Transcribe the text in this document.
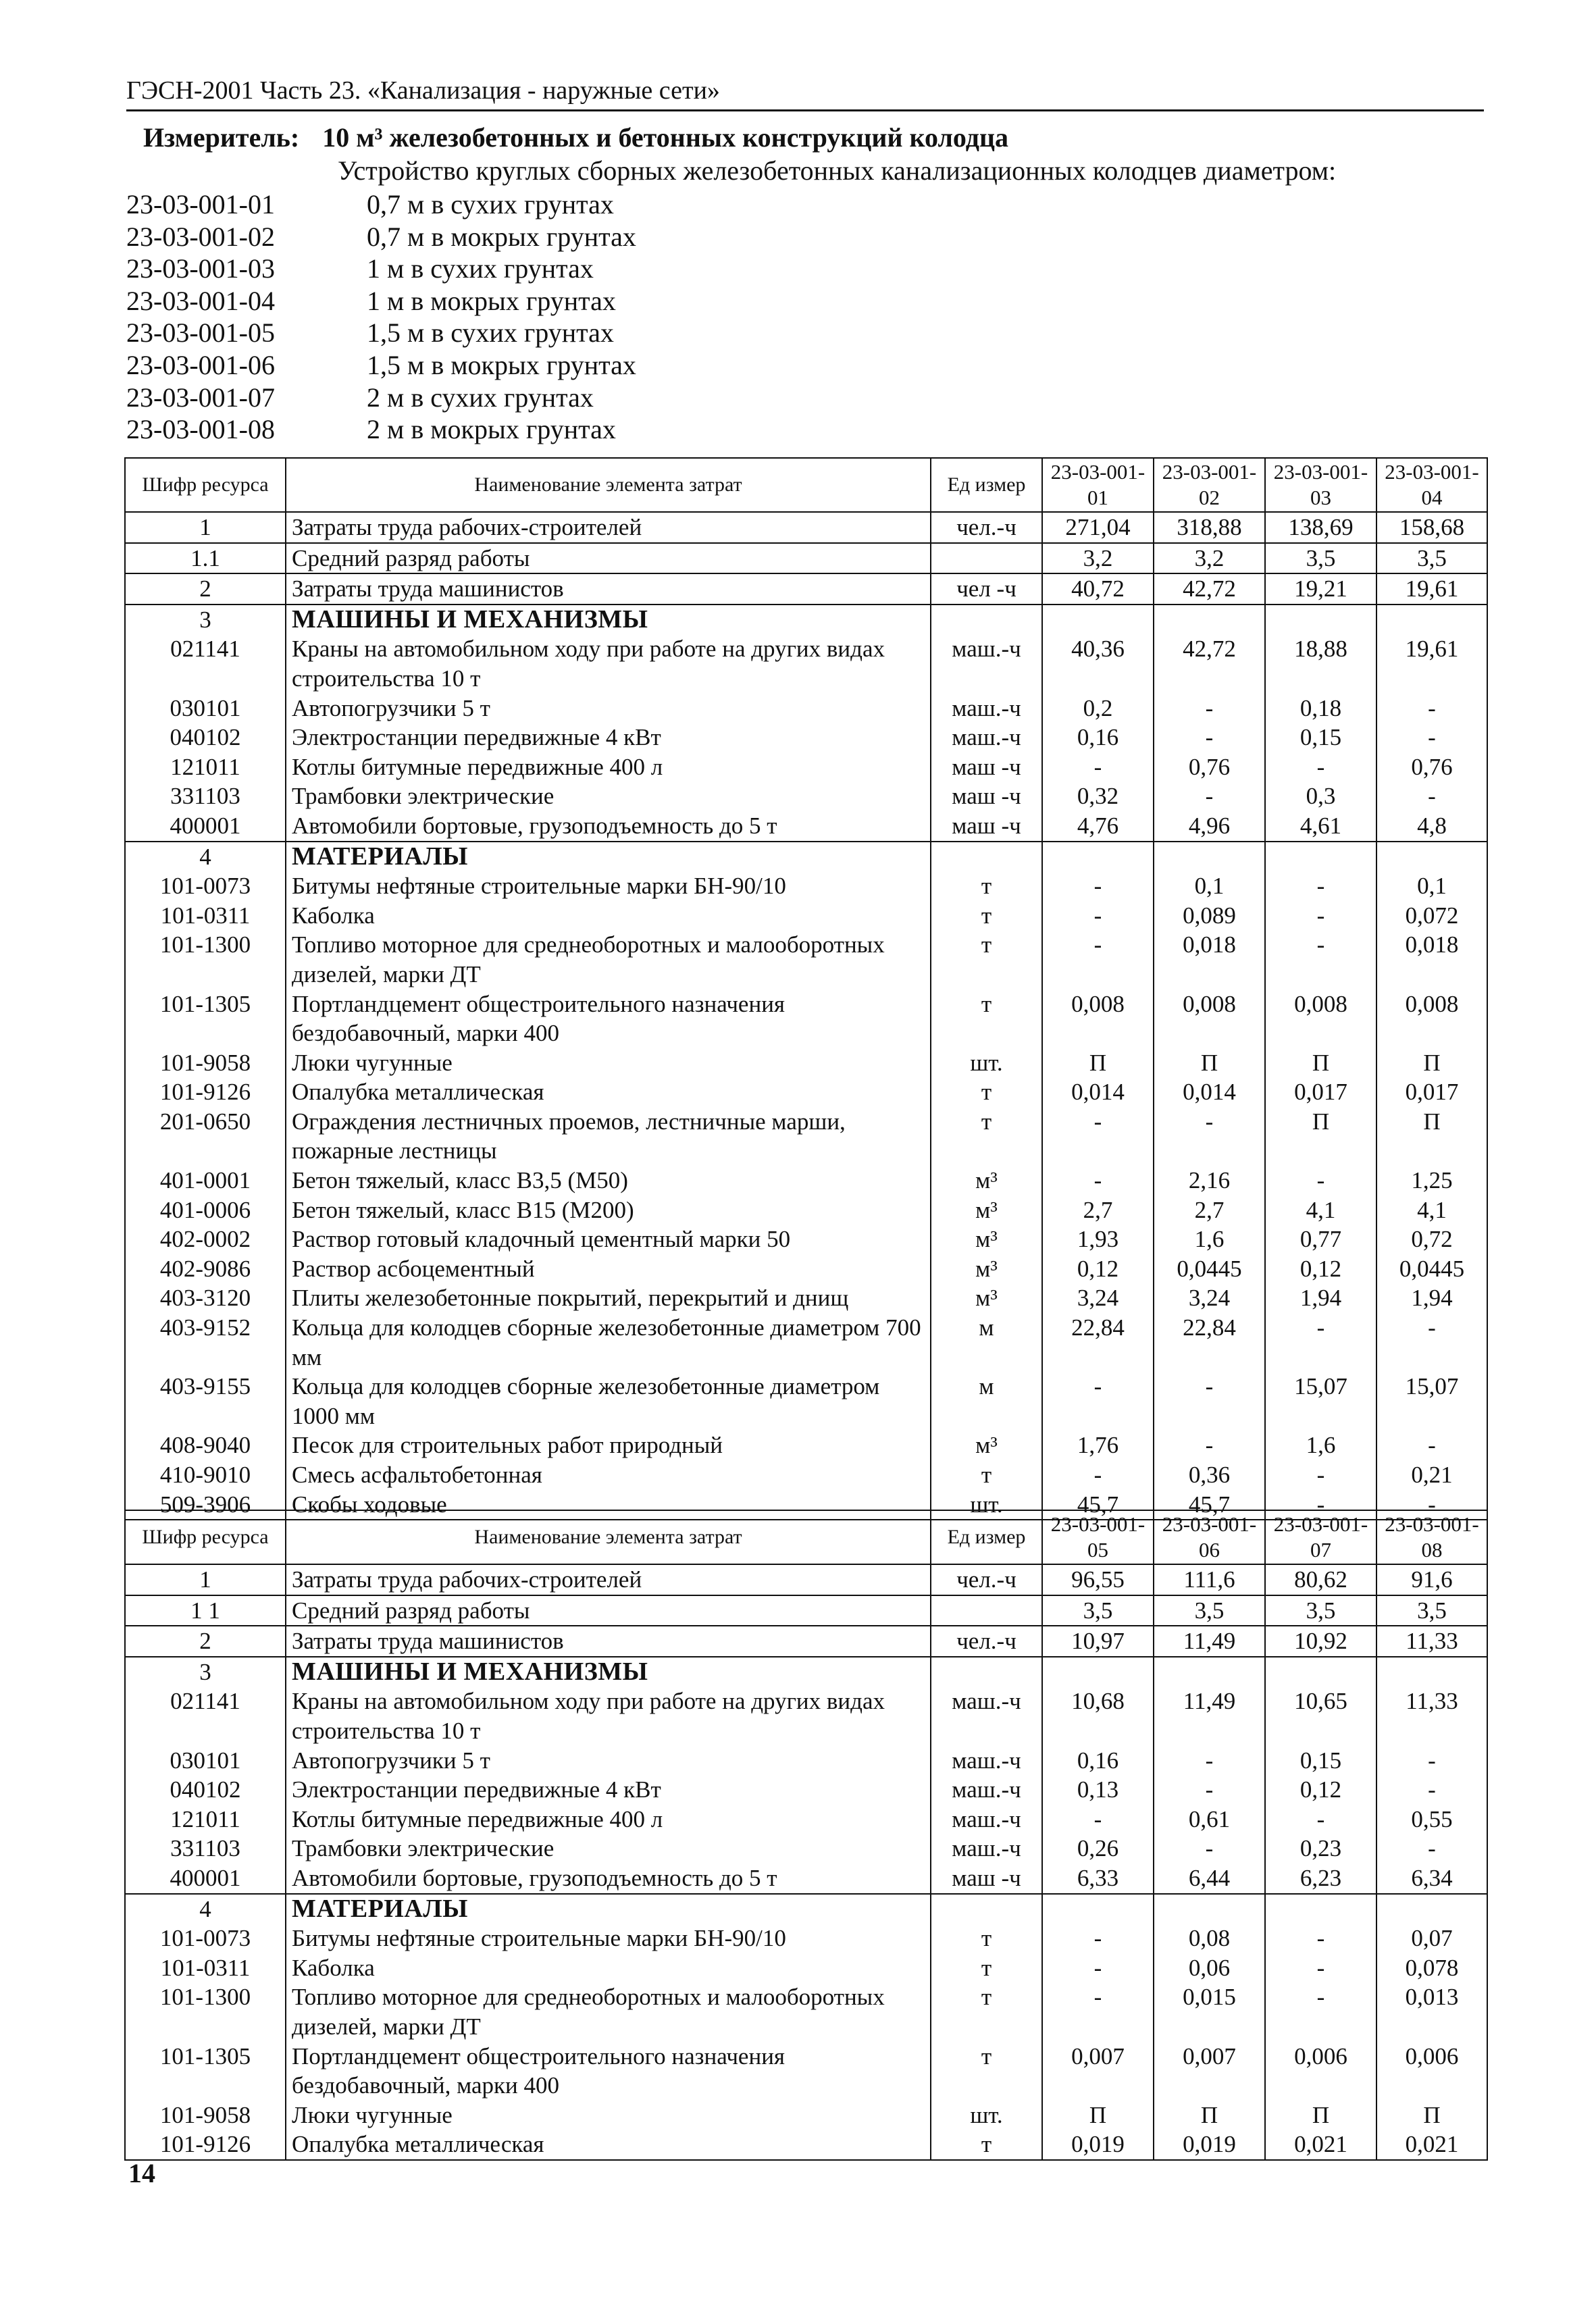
ГЭСН-2001 Часть 23. «Канализация - наружные сети»
Измеритель: 10 м³ железобетонных и бетонных конструкций колодца
Устройство круглых сборных железобетонных канализационных колодцев диаметром:
23-03-001-01	0,7 м в сухих грунтах
23-03-001-02	0,7 м в мокрых грунтах
23-03-001-03	1 м в сухих грунтах
23-03-001-04	1 м в мокрых грунтах
23-03-001-05	1,5 м в сухих грунтах
23-03-001-06	1,5 м в мокрых грунтах
23-03-001-07	2 м в сухих грунтах
23-03-001-08	2 м в мокрых грунтах
Шифр ресурса	Наименование элемента затрат	Ед измер	23-03-001-01	23-03-001-02	23-03-001-03	23-03-001-04
1	Затраты труда рабочих-строителей	чел.-ч	271,04	318,88	138,69	158,68
1.1	Средний разряд работы		3,2	3,2	3,5	3,5
2	Затраты труда машинистов	чел -ч	40,72	42,72	19,21	19,61
3	МАШИНЫ И МЕХАНИЗМЫ					
021141	Краны на автомобильном ходу при работе на других видах строительства 10 т	маш.-ч	40,36	42,72	18,88	19,61
030101	Автопогрузчики 5 т	маш.-ч	0,2	-	0,18	-
040102	Электростанции передвижные 4 кВт	маш.-ч	0,16	-	0,15	-
121011	Котлы битумные передвижные 400 л	маш -ч	-	0,76	-	0,76
331103	Трамбовки электрические	маш -ч	0,32	-	0,3	-
400001	Автомобили бортовые, грузоподъемность до 5 т	маш -ч	4,76	4,96	4,61	4,8
4	МАТЕРИАЛЫ					
101-0073	Битумы нефтяные строительные марки БН-90/10	т	-	0,1	-	0,1
101-0311	Каболка	т	-	0,089	-	0,072
101-1300	Топливо моторное для среднеоборотных и малооборотных дизелей, марки ДТ	т	-	0,018	-	0,018
101-1305	Портландцемент общестроительного назначения бездобавочный, марки 400	т	0,008	0,008	0,008	0,008
101-9058	Люки чугунные	шт.	П	П	П	П
101-9126	Опалубка металлическая	т	0,014	0,014	0,017	0,017
201-0650	Ограждения лестничных проемов, лестничные марши, пожарные лестницы	т	-	-	П	П
401-0001	Бетон тяжелый, класс В3,5 (М50)	м³	-	2,16	-	1,25
401-0006	Бетон тяжелый, класс В15 (М200)	м³	2,7	2,7	4,1	4,1
402-0002	Раствор готовый кладочный цементный марки 50	м³	1,93	1,6	0,77	0,72
402-9086	Раствор асбоцементный	м³	0,12	0,0445	0,12	0,0445
403-3120	Плиты железобетонные покрытий, перекрытий и днищ	м³	3,24	3,24	1,94	1,94
403-9152	Кольца для колодцев сборные железобетонные диаметром 700 мм	м	22,84	22,84	-	-
403-9155	Кольца для колодцев сборные железобетонные диаметром 1000 мм	м	-	-	15,07	15,07
408-9040	Песок для строительных работ природный	м³	1,76	-	1,6	-
410-9010	Смесь асфальтобетонная	т	-	0,36	-	0,21
509-3906	Скобы ходовые	шт.	45,7	45,7	-	-
Шифр ресурса	Наименование элемента затрат	Ед измер	23-03-001-05	23-03-001-06	23-03-001-07	23-03-001-08
1	Затраты труда рабочих-строителей	чел.-ч	96,55	111,6	80,62	91,6
1 1	Средний разряд работы		3,5	3,5	3,5	3,5
2	Затраты труда машинистов	чел.-ч	10,97	11,49	10,92	11,33
3	МАШИНЫ И МЕХАНИЗМЫ					
021141	Краны на автомобильном ходу при работе на других видах строительства 10 т	маш.-ч	10,68	11,49	10,65	11,33
030101	Автопогрузчики 5 т	маш.-ч	0,16	-	0,15	-
040102	Электростанции передвижные 4 кВт	маш.-ч	0,13	-	0,12	-
121011	Котлы битумные передвижные 400 л	маш.-ч	-	0,61	-	0,55
331103	Трамбовки электрические	маш.-ч	0,26	-	0,23	-
400001	Автомобили бортовые, грузоподъемность до 5 т	маш -ч	6,33	6,44	6,23	6,34
4	МАТЕРИАЛЫ					
101-0073	Битумы нефтяные строительные марки БН-90/10	т	-	0,08	-	0,07
101-0311	Каболка	т	-	0,06	-	0,078
101-1300	Топливо моторное для среднеоборотных и малооборотных дизелей, марки ДТ	т	-	0,015	-	0,013
101-1305	Портландцемент общестроительного назначения бездобавочный, марки 400	т	0,007	0,007	0,006	0,006
101-9058	Люки чугунные	шт.	П	П	П	П
101-9126	Опалубка металлическая	т	0,019	0,019	0,021	0,021
14
